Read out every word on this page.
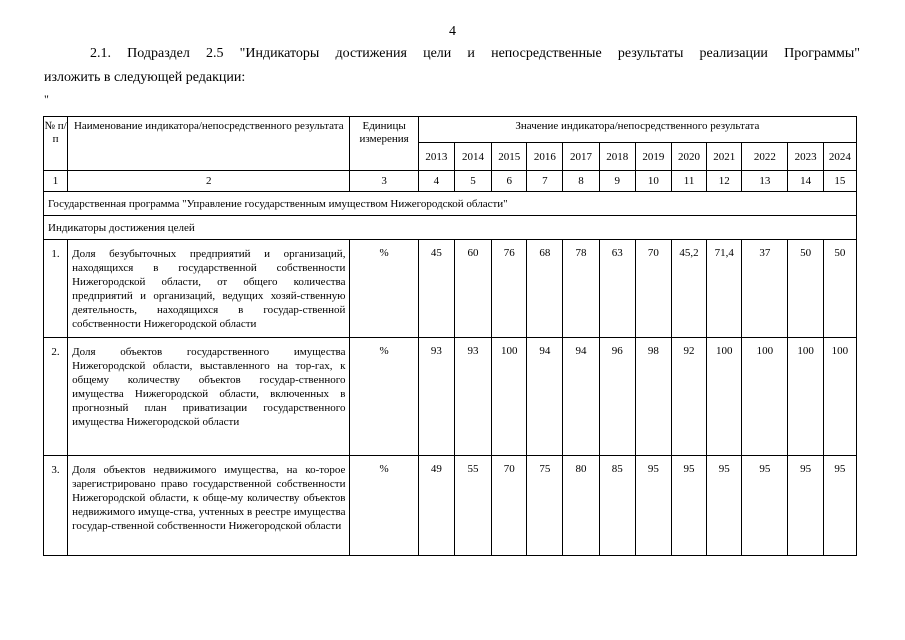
4
2.1. Подраздел 2.5 "Индикаторы достижения цели и непосредственные результаты реализации Программы"
изложить в следующей редакции:
"
№ п/п	Наименование индикатора/непосредственного результата	Единицы измерения	Значение индикатора/непосредственного результата											
			2013	2014	2015	2016	2017	2018	2019	2020	2021	2022	2023	2024
1	2	3	4	5	6	7	8	9	10	11	12	13	14	15
Государственная программа "Управление государственным имуществом Нижегородской области"														
Индикаторы достижения целей														
1.	Доля безубыточных предприятий и организаций, находящихся в государственной собственности Нижегородской области, от общего количества предприятий и организаций, ведущих хозяй-ственную деятельность, находящихся в государ-ственной собственности Нижегородской области	%	45	60	76	68	78	63	70	45,2	71,4	37	50	50
2.	Доля объектов государственного имущества Нижегородской области, выставленного на тор-гах, к общему количеству объектов государ-ственного имущества Нижегородской области, включенных в прогнозный план приватизации государственного имущества Нижегородской области	%	93	93	100	94	94	96	98	92	100	100	100	100
3.	Доля объектов недвижимого имущества, на ко-торое зарегистрировано право государственной собственности Нижегородской области, к обще-му количеству объектов недвижимого имуще-ства, учтенных в реестре имущества государ-ственной собственности Нижегородской области	%	49	55	70	75	80	85	95	95	95	95	95	95
